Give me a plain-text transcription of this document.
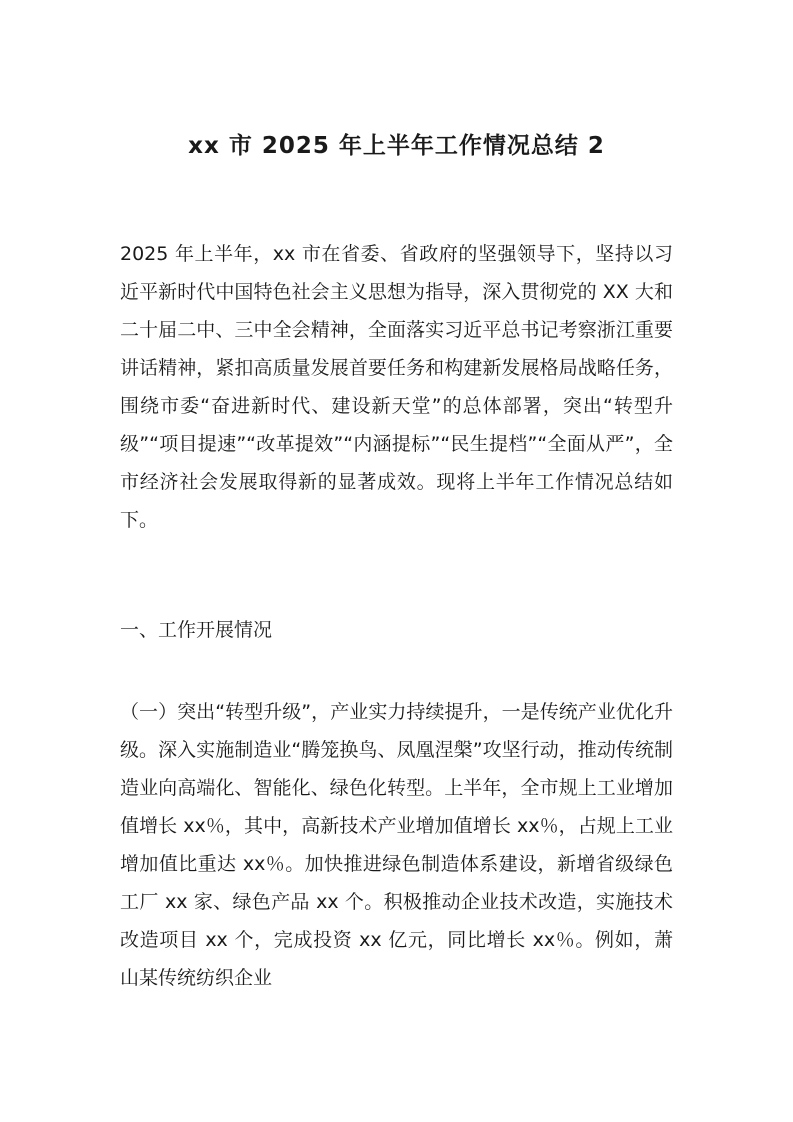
xx 市 2025 年上半年工作情况总结 2

2025 年上半年，xx 市在省委、省政府的坚强领导下，坚持以习近平新时代中国特色社会主义思想为指导，深入贯彻党的 XX 大和二十届二中、三中全会精神，全面落实习近平总书记考察浙江重要讲话精神，紧扣高质量发展首要任务和构建新发展格局战略任务，围绕市委“奋进新时代、建设新天堂”的总体部署，突出“转型升级”“项目提速”“改革提效”“内涵提标”“民生提档”“全面从严”，全市经济社会发展取得新的显著成效。现将上半年工作情况总结如下。

一、工作开展情况

（一）突出“转型升级”，产业实力持续提升，一是传统产业优化升级。深入实施制造业“腾笼换鸟、凤凰涅槃”攻坚行动，推动传统制造业向高端化、智能化、绿色化转型。上半年，全市规上工业增加值增长 xx％，其中，高新技术产业增加值增长 xx％，占规上工业增加值比重达 xx％。加快推进绿色制造体系建设，新增省级绿色工厂 xx 家、绿色产品 xx 个。积极推动企业技术改造，实施技术改造项目 xx 个，完成投资 xx 亿元，同比增长 xx％。例如，萧山某传统纺织企业
